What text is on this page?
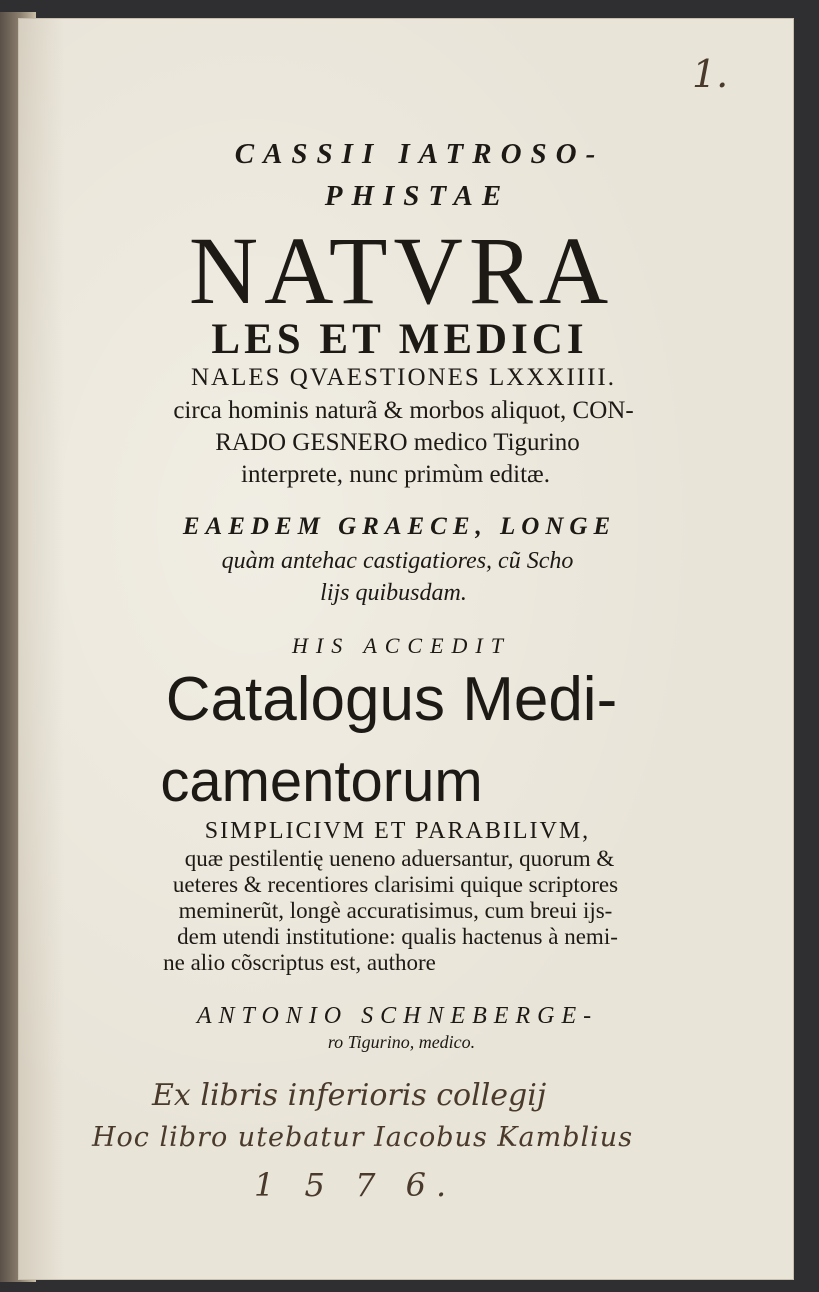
1.
CASSII IATROSO-
PHISTAE
NATVRA
LES ET MEDICI
NALES QVAESTIONES LXXXIIII.
circa hominis naturã & morbos aliquot, CON-
RADO GESNERO medico Tigurino
interprete, nunc primùm editæ.
EAEDEM GRAECE, LONGE
quàm antehac castigatiores, cũ Scho
lijs quibusdam.
HIS ACCEDIT
Catalogus Medi-
camentorum
SIMPLICIVM ET PARABILIVM,
quæ pestilentię ueneno aduersantur, quorum &
ueteres & recentiores clarisimi quique scriptores
meminerũt, longè accuratisimus, cum breui ijs-
dem utendi institutione: qualis hactenus à nemi-
ne alio cõscriptus est, authore
ANTONIO SCHNEBERGE-
ro Tigurino, medico.
Ex libris inferioris collegij
Hoc libro utebatur Iacobus Kamblius
1 5 7 6.
